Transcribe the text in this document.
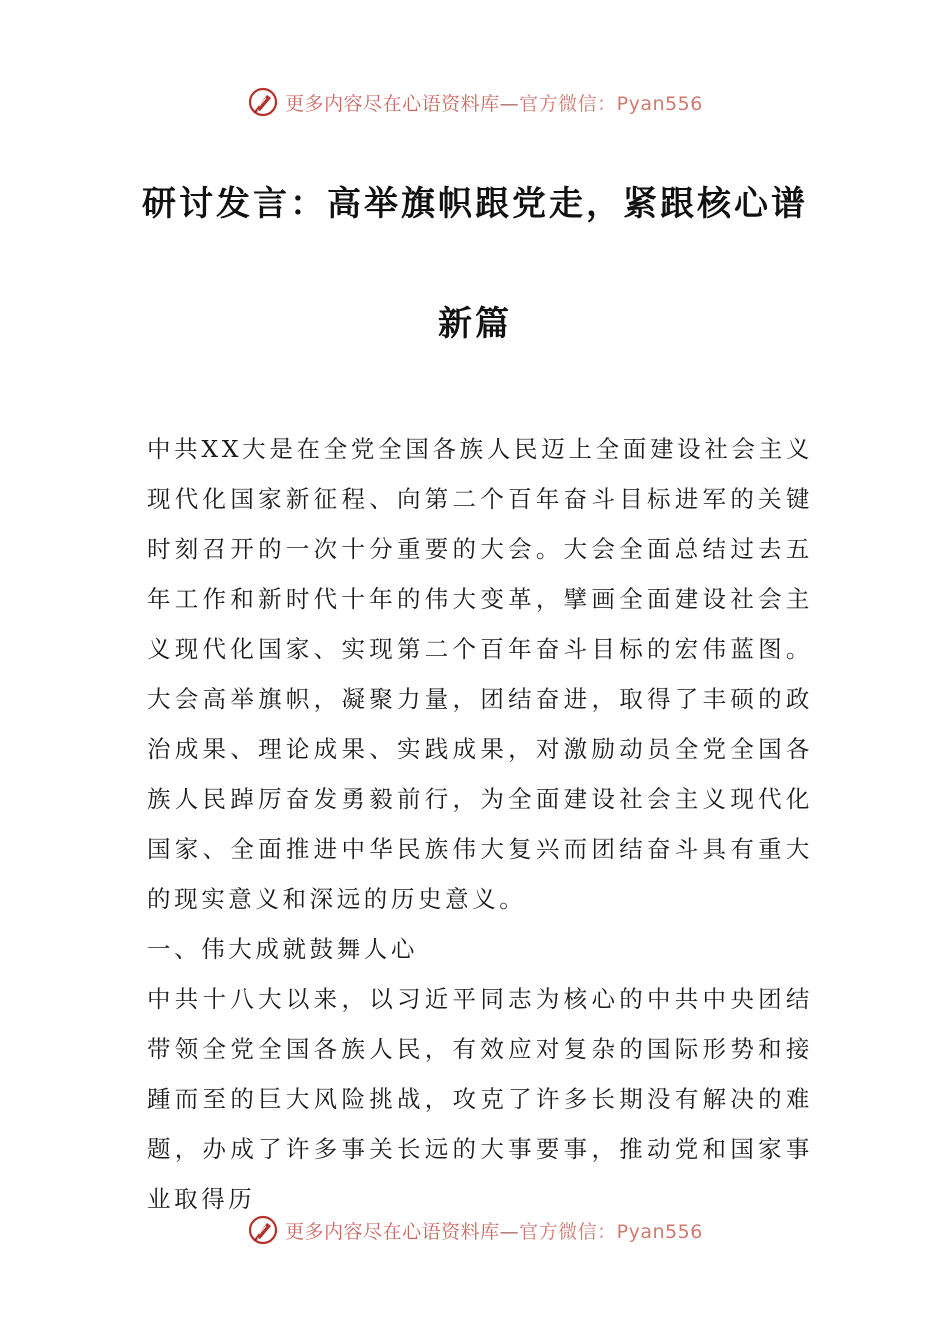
更多内容尽在心语资料库—官方微信：Pyan556
研讨发言：高举旗帜跟党走，紧跟核心谱
新篇

中共XX大是在全党全国各族人民迈上全面建设社会主义现代化国家新征程、向第二个百年奋斗目标进军的关键时刻召开的一次十分重要的大会。大会全面总结过去五年工作和新时代十年的伟大变革，擘画全面建设社会主义现代化国家、实现第二个百年奋斗目标的宏伟蓝图。大会高举旗帜，凝聚力量，团结奋进，取得了丰硕的政治成果、理论成果、实践成果，对激励动员全党全国各族人民踔厉奋发勇毅前行，为全面建设社会主义现代化国家、全面推进中华民族伟大复兴而团结奋斗具有重大的现实意义和深远的历史意义。

一、伟大成就鼓舞人心

中共十八大以来，以习近平同志为核心的中共中央团结带领全党全国各族人民，有效应对复杂的国际形势和接踵而至的巨大风险挑战，攻克了许多长期没有解决的难题，办成了许多事关长远的大事要事，推动党和国家事业取得历

更多内容尽在心语资料库—官方微信：Pyan556
